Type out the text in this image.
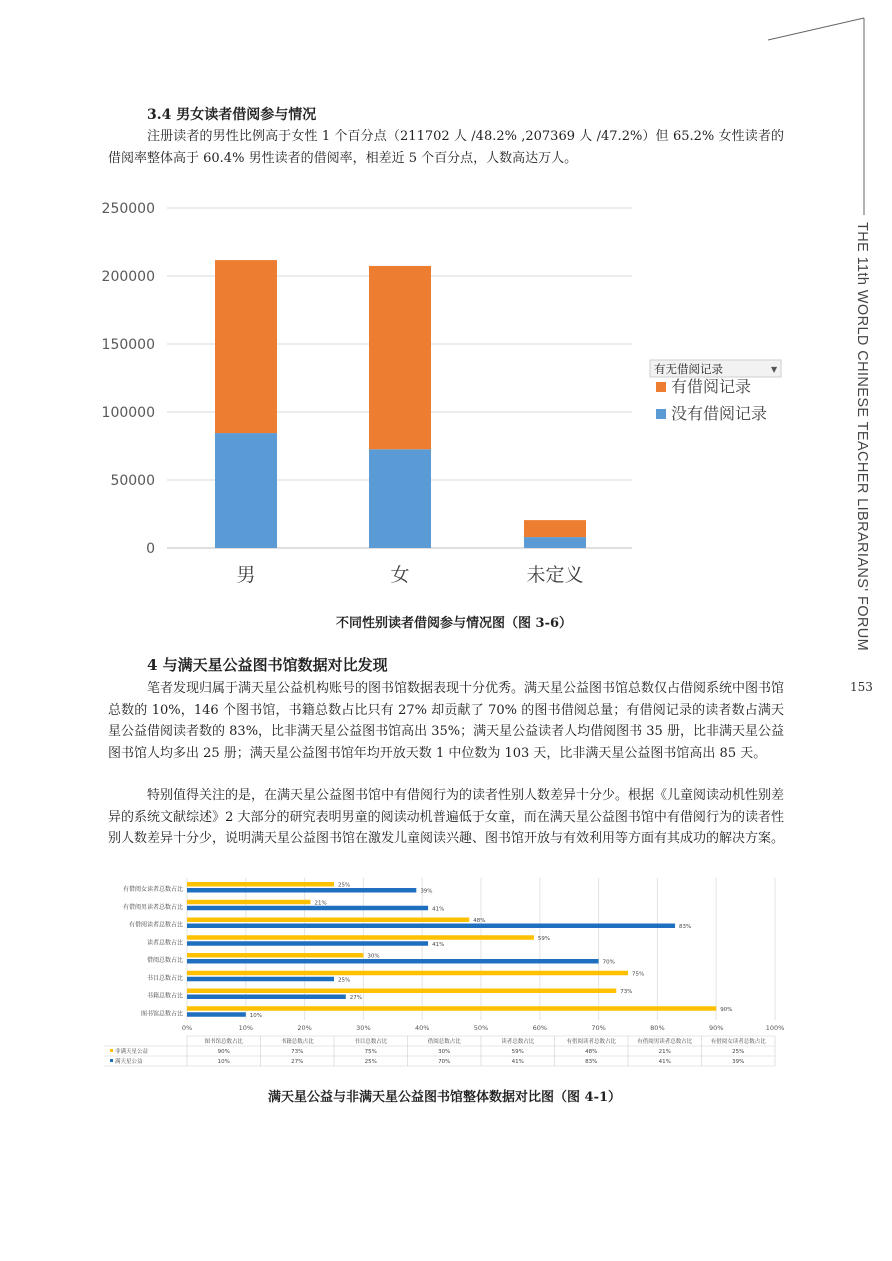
THE 11th WORLD CHINESE TEACHER LIBRARIANS' FORUM
153
3.4 男女读者借阅参与情况

注册读者的男性比例高于女性 1 个百分点（211702 人 /48.2% ,207369 人 /47.2%）但 65.2% 女性读者的借阅率整体高于 60.4% 男性读者的借阅率，相差近 5 个百分点，人数高达万人。

0
50000
100000
150000
200000
250000
男	女	未定义
有无借阅记录	▼
有借阅记录
没有借阅记录
不同性别读者借阅参与情况图（图 3-6）
4 与满天星公益图书馆数据对比发现

笔者发现归属于满天星公益机构账号的图书馆数据表现十分优秀。满天星公益图书馆总数仅占借阅系统中图书馆总数的 10%，146 个图书馆，书籍总数占比只有 27% 却贡献了 70% 的图书借阅总量；有借阅记录的读者数占满天星公益借阅读者数的 83%，比非满天星公益图书馆高出 35%；满天星公益读者人均借阅图书 35 册，比非满天星公益图书馆人均多出 25 册；满天星公益图书馆年均开放天数 1 中位数为 103 天，比非满天星公益图书馆高出 85 天。

特别值得关注的是，在满天星公益图书馆中有借阅行为的读者性别人数差异十分少。根据《儿童阅读动机性别差异的系统文献综述》2 大部分的研究表明男童的阅读动机普遍低于女童，而在满天星公益图书馆中有借阅行为的读者性别人数差异十分少，说明满天星公益图书馆在激发儿童阅读兴趣、图书馆开放与有效利用等方面有其成功的解决方案。

0%	10%	20%	30%	40%	50%	60%	70%	80%	90%	100%
有借阅女读者总数占比
25%
39%
有借阅男读者总数占比
21%
41%
有借阅读者总数占比
48%
83%
读者总数占比
59%
41%
借阅总数占比
30%
70%
书目总数占比
75%
25%
书籍总数占比
73%
27%
图书馆总数占比
90%
10%
图书馆总数占比	书籍总数占比	书目总数占比	借阅总数占比	读者总数占比	有借阅读者总数占比	有借阅男读者总数占比	有借阅女读者总数占比
非满天星公益	90%	73%	75%	30%	59%	48%	21%	25%
满天星公益	10%	27%	25%	70%	41%	83%	41%	39%
满天星公益与非满天星公益图书馆整体数据对比图（图 4-1）
